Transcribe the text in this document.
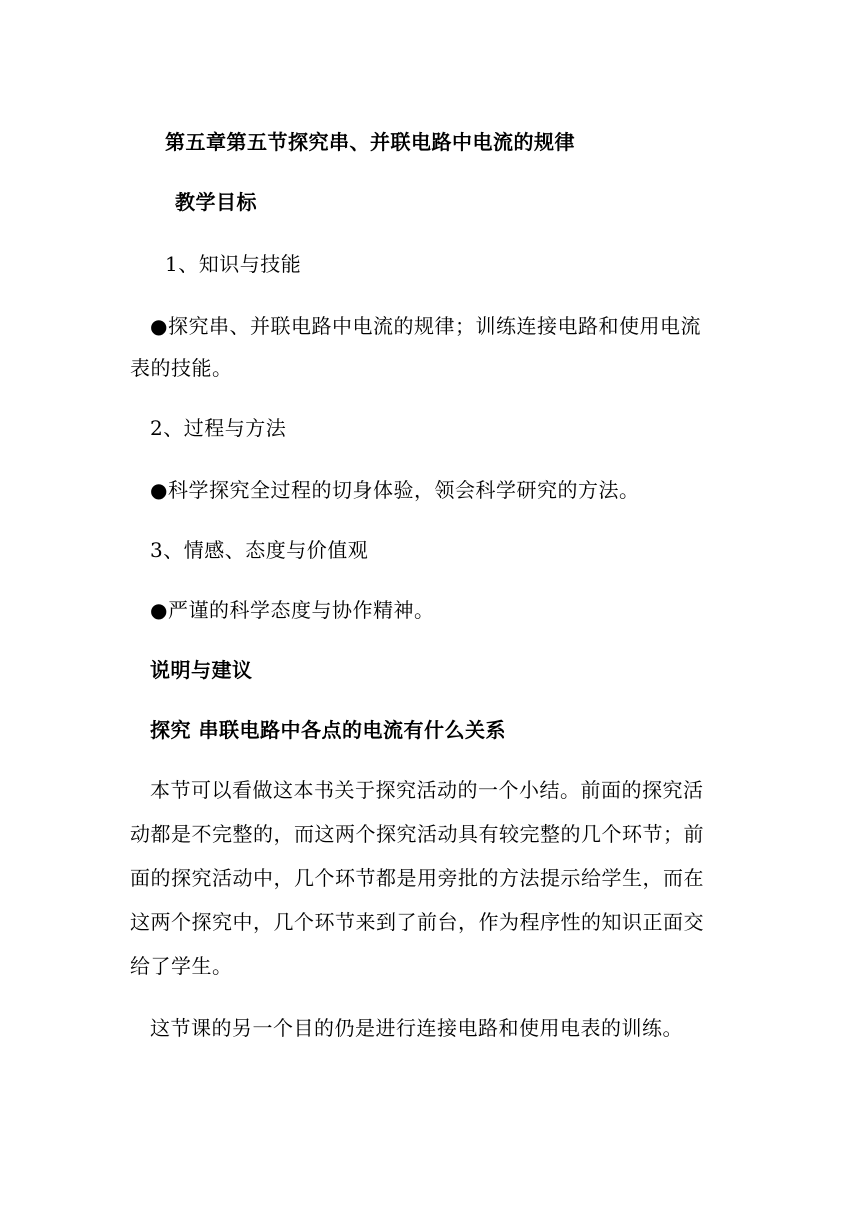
第五章第五节探究串、并联电路中电流的规律
教学目标
1、知识与技能
●探究串、并联电路中电流的规律；训练连接电路和使用电流
表的技能。
2、过程与方法
●科学探究全过程的切身体验，领会科学研究的方法。
3、情感、态度与价值观
●严谨的科学态度与协作精神。
说明与建议
探究 串联电路中各点的电流有什么关系
本节可以看做这本书关于探究活动的一个小结。前面的探究活
动都是不完整的，而这两个探究活动具有较完整的几个环节；前
面的探究活动中，几个环节都是用旁批的方法提示给学生，而在
这两个探究中，几个环节来到了前台，作为程序性的知识正面交
给了学生。
这节课的另一个目的仍是进行连接电路和使用电表的训练。
